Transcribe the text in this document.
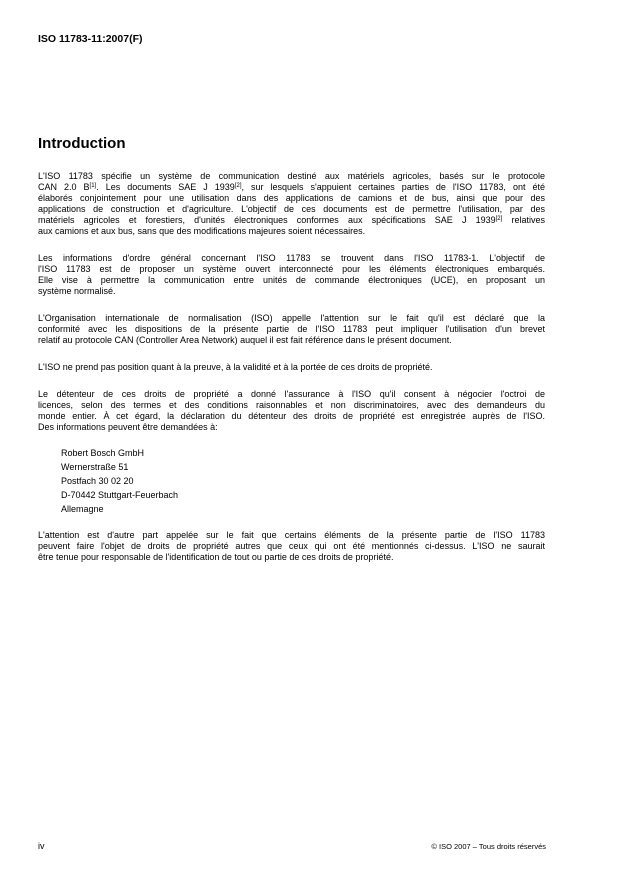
ISO 11783-11:2007(F)
Introduction
L'ISO 11783 spécifie un système de communication destiné aux matériels agricoles, basés sur le protocole
CAN 2.0 B[1]. Les documents SAE J 1939[2], sur lesquels s'appuient certaines parties de l'ISO 11783, ont été
élaborés conjointement pour une utilisation dans des applications de camions et de bus, ainsi que pour des
applications de construction et d'agriculture. L'objectif de ces documents est de permettre l'utilisation, par des
matériels agricoles et forestiers, d'unités électroniques conformes aux spécifications SAE J 1939[2] relatives
aux camions et aux bus, sans que des modifications majeures soient nécessaires.
Les informations d'ordre général concernant l'ISO 11783 se trouvent dans l'ISO 11783-1. L'objectif de
l'ISO 11783 est de proposer un système ouvert interconnecté pour les éléments électroniques embarqués.
Elle vise à permettre la communication entre unités de commande électroniques (UCE), en proposant un
système normalisé.
L'Organisation internationale de normalisation (ISO) appelle l'attention sur le fait qu'il est déclaré que la
conformité avec les dispositions de la présente partie de l'ISO 11783 peut impliquer l'utilisation d'un brevet
relatif au protocole CAN (Controller Area Network) auquel il est fait référence dans le présent document.
L'ISO ne prend pas position quant à la preuve, à la validité et à la portée de ces droits de propriété.
Le détenteur de ces droits de propriété a donné l'assurance à l'ISO qu'il consent à négocier l'octroi de
licences, selon des termes et des conditions raisonnables et non discriminatoires, avec des demandeurs du
monde entier. À cet égard, la déclaration du détenteur des droits de propriété est enregistrée auprès de l'ISO.
Des informations peuvent être demandées à:
Robert Bosch GmbH
Wernerstraße 51
Postfach 30 02 20
D-70442 Stuttgart-Feuerbach
Allemagne
L'attention est d'autre part appelée sur le fait que certains éléments de la présente partie de l'ISO 11783
peuvent faire l'objet de droits de propriété autres que ceux qui ont été mentionnés ci-dessus. L'ISO ne saurait
être tenue pour responsable de l'identification de tout ou partie de ces droits de propriété.
iv	© ISO 2007 – Tous droits réservés
